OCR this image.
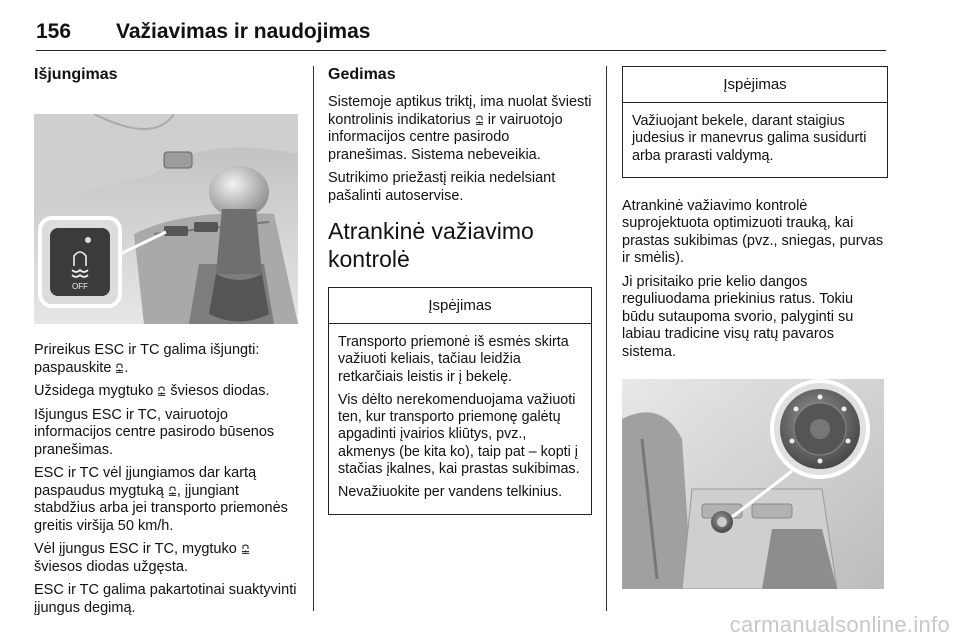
156 Važiavimas ir naudojimas
Išjungimas
OFF

Prireikus ESC ir TC galima išjungti: paspauskite .

Užsidega mygtuko  šviesos diodas.

Išjungus ESC ir TC, vairuotojo informacijos centre pasirodo būsenos pranešimas.

ESC ir TC vėl įjungiamos dar kartą paspaudus mygtuką , įjungiant stabdžius arba jei transporto priemonės greitis viršija 50 km/h.

Vėl įjungus ESC ir TC, mygtuko  šviesos diodas užgęsta.

ESC ir TC galima pakartotinai suaktyvinti įjungus degimą.

Gedimas

Sistemoje aptikus triktį, ima nuolat šviesti kontrolinis indikatorius  ir vairuotojo informacijos centre pasirodo pranešimas. Sistema nebeveikia.

Sutrikimo priežastį reikia nedelsiant pašalinti autoservise.

Atrankinė važiavimo kontrolė
Įspėjimas

Transporto priemonė iš esmės skirta važiuoti keliais, tačiau leidžia retkarčiais leistis ir į bekelę.

Vis dėlto nerekomenduojama važiuoti ten, kur transporto priemonę galėtų apgadinti įvairios kliūtys, pvz., akmenys (be kita ko), taip pat – kopti į stačias įkalnes, kai prastas sukibimas.

Nevažiuokite per vandens telkinius.

Įspėjimas

Važiuojant bekele, darant staigius judesius ir manevrus galima susidurti arba prarasti valdymą.

Atrankinė važiavimo kontrolė suprojektuota optimizuoti trauką, kai prastas sukibimas (pvz., sniegas, purvas ir smėlis).

Ji prisitaiko prie kelio dangos reguliuodama priekinius ratus. Tokiu būdu sutaupoma svorio, palyginti su labiau tradicine visų ratų pavaros sistema.

carmanualsonline.info
